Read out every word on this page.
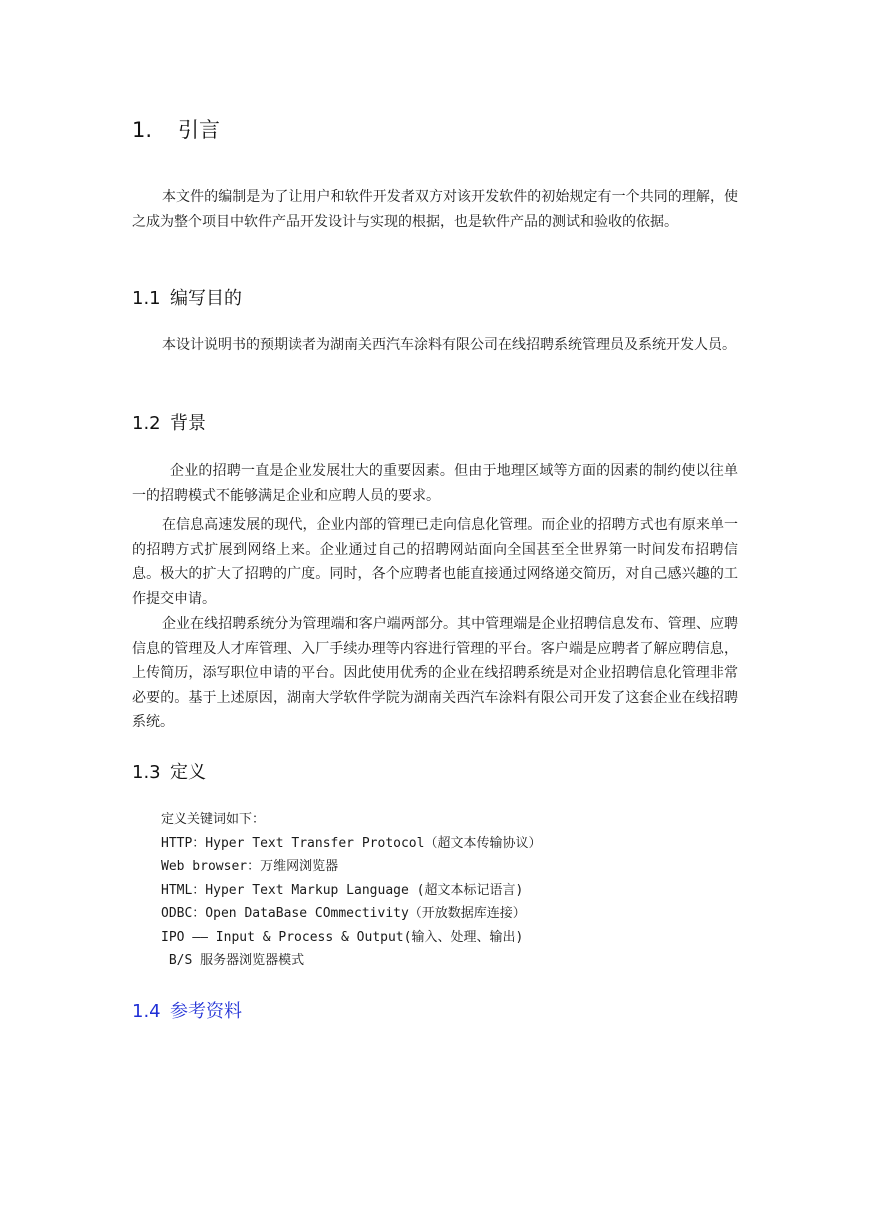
1. 引言
本文件的编制是为了让用户和软件开发者双方对该开发软件的初始规定有一个共同的理解，使之成为整个项目中软件产品开发设计与实现的根据，也是软件产品的测试和验收的依据。
1.1 编写目的
本设计说明书的预期读者为湖南关西汽车涂料有限公司在线招聘系统管理员及系统开发人员。
1.2 背景
企业的招聘一直是企业发展壮大的重要因素。但由于地理区域等方面的因素的制约使以往单一的招聘模式不能够满足企业和应聘人员的要求。
在信息高速发展的现代，企业内部的管理已走向信息化管理。而企业的招聘方式也有原来单一的招聘方式扩展到网络上来。企业通过自己的招聘网站面向全国甚至全世界第一时间发布招聘信息。极大的扩大了招聘的广度。同时，各个应聘者也能直接通过网络递交简历，对自己感兴趣的工作提交申请。
企业在线招聘系统分为管理端和客户端两部分。其中管理端是企业招聘信息发布、管理、应聘信息的管理及人才库管理、入厂手续办理等内容进行管理的平台。客户端是应聘者了解应聘信息，上传简历，添写职位申请的平台。因此使用优秀的企业在线招聘系统是对企业招聘信息化管理非常必要的。基于上述原因，湖南大学软件学院为湖南关西汽车涂料有限公司开发了这套企业在线招聘系统。
1.3 定义
定义关键词如下：
HTTP：Hyper Text Transfer Protocol（超文本传输协议）
Web browser：万维网浏览器
HTML：Hyper Text Markup Language (超文本标记语言)
ODBC：Open DataBase COmmectivity（开放数据库连接）
IPO —— Input & Process & Output(输入、处理、输出)
B/S 服务器浏览器模式
1.4 参考资料
